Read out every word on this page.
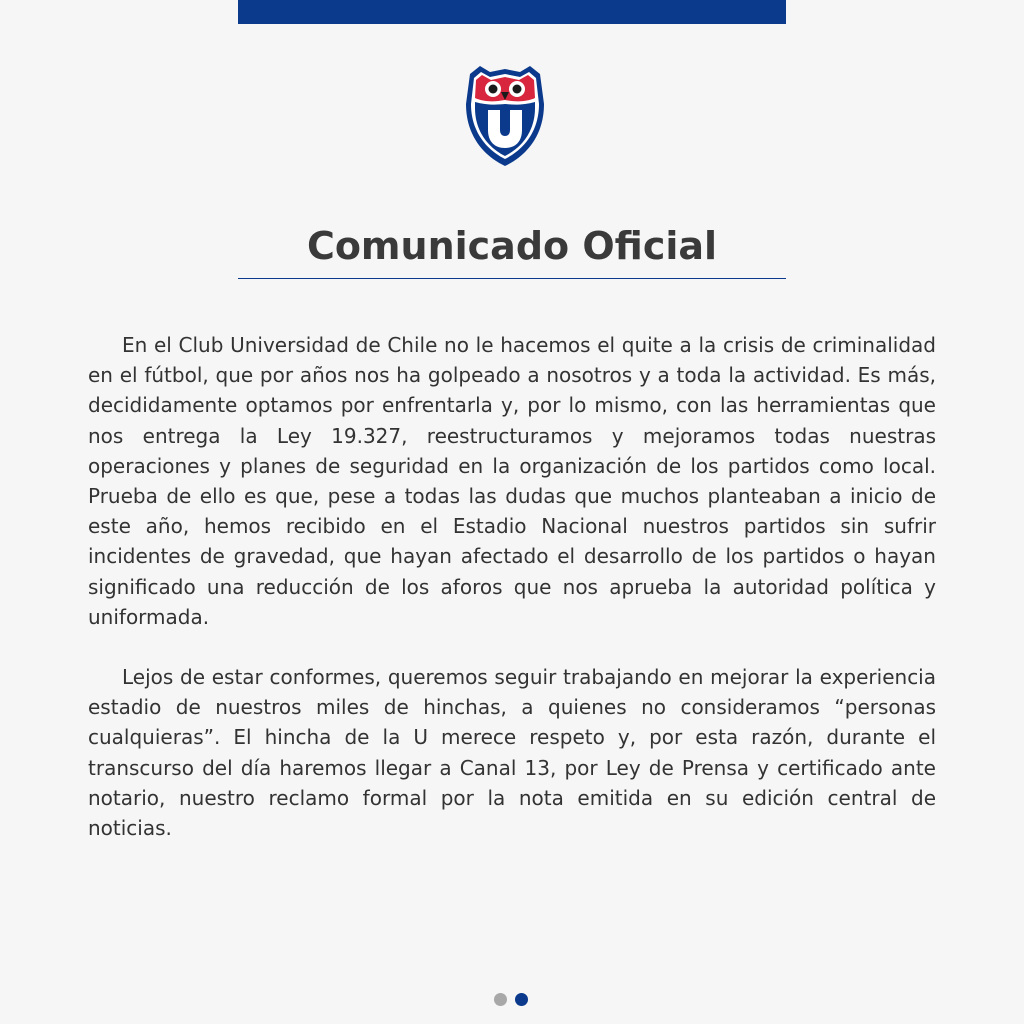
Comunicado Oficial

En el Club Universidad de Chile no le hacemos el quite a la crisis de criminalidad en el fútbol, que por años nos ha golpeado a nosotros y a toda la actividad. Es más, decididamente optamos por enfrentarla y, por lo mismo, con las herramientas que nos entrega la Ley 19.327, reestructuramos y mejoramos todas nuestras operaciones y planes de seguridad en la organización de los partidos como local. Prueba de ello es que, pese a todas las dudas que muchos planteaban a inicio de este año, hemos recibido en el Estadio Nacional nuestros partidos sin sufrir incidentes de gravedad, que hayan afectado el desarrollo de los partidos o hayan significado una reducción de los aforos que nos aprueba la autoridad política y uniformada.

Lejos de estar conformes, queremos seguir trabajando en mejorar la experiencia estadio de nuestros miles de hinchas, a quienes no consideramos “personas cualquieras”. El hincha de la U merece respeto y, por esta razón, durante el transcurso del día haremos llegar a Canal 13, por Ley de Prensa y certificado ante notario, nuestro reclamo formal por la nota emitida en su edición central de noticias.
